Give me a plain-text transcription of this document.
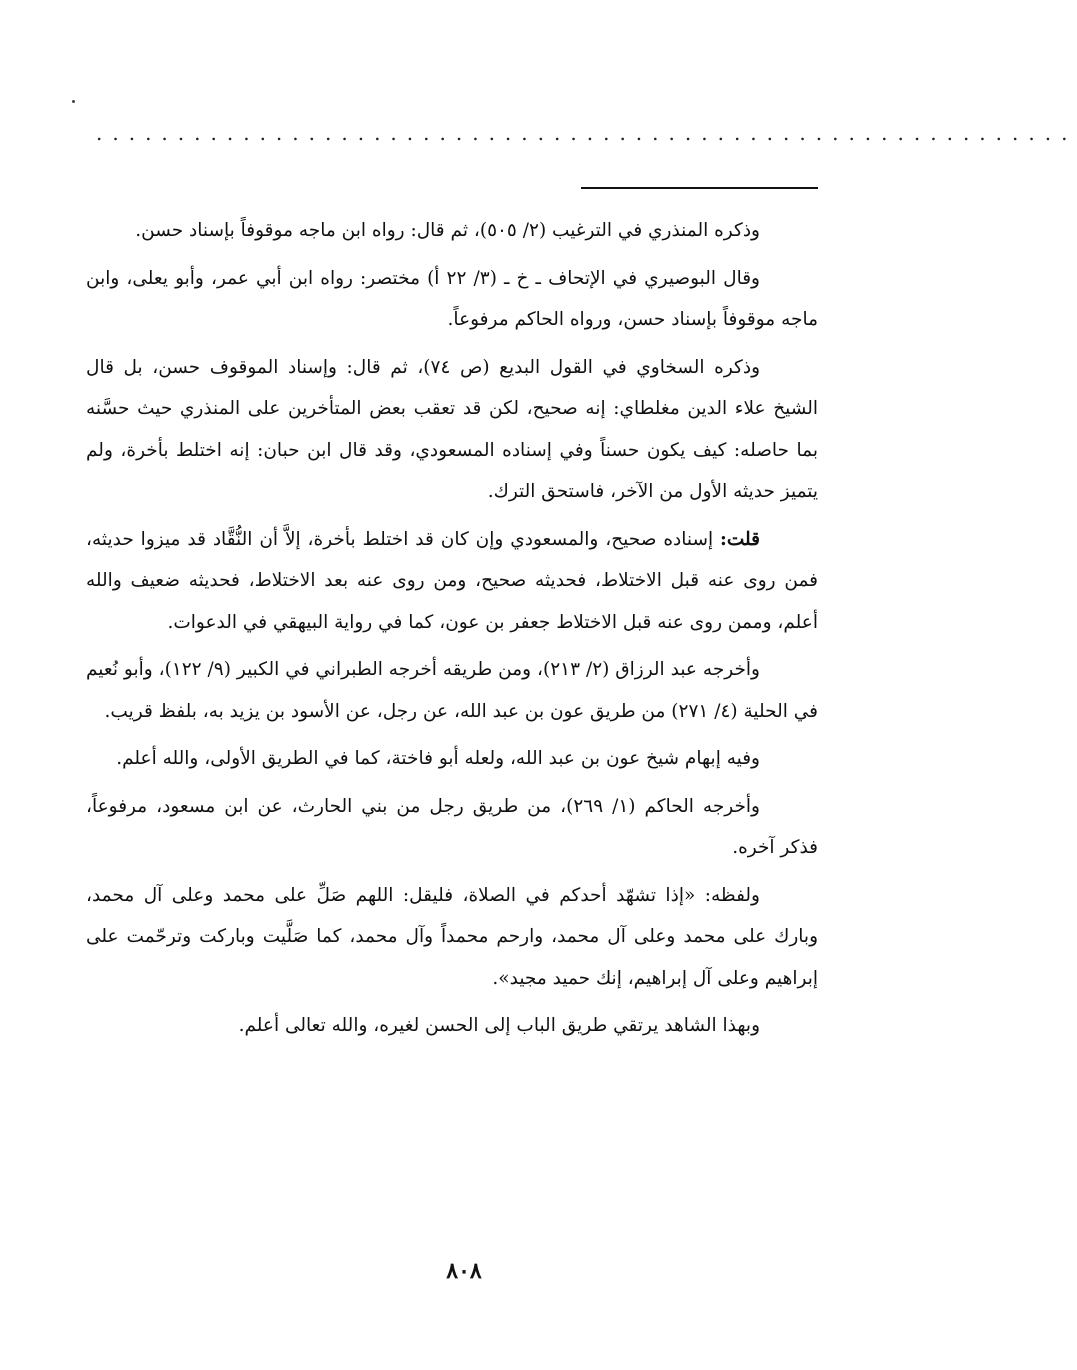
............................................................

وذكره المنذري في الترغيب (٢/ ٥٠٥)، ثم قال: رواه ابن ماجه موقوفاً بإسناد حسن.

وقال البوصيري في الإتحاف ـ خ ـ (٣/ ٢٢ أ) مختصر: رواه ابن أبي عمر، وأبو يعلى، وابن ماجه موقوفاً بإسناد حسن، ورواه الحاكم مرفوعاً.

وذكره السخاوي في القول البديع (ص ٧٤)، ثم قال: وإسناد الموقوف حسن، بل قال الشيخ علاء الدين مغلطاي: إنه صحيح، لكن قد تعقب بعض المتأخرين على المنذري حيث حسَّنه بما حاصله: كيف يكون حسناً وفي إسناده المسعودي، وقد قال ابن حبان: إنه اختلط بأخرة، ولم يتميز حديثه الأول من الآخر، فاستحق الترك.

قلت: إسناده صحيح، والمسعودي وإن كان قد اختلط بأخرة، إلاَّ أن النُّقَّاد قد ميزوا حديثه، فمن روى عنه قبل الاختلاط، فحديثه صحيح، ومن روى عنه بعد الاختلاط، فحديثه ضعيف والله أعلم، وممن روى عنه قبل الاختلاط جعفر بن عون، كما في رواية البيهقي في الدعوات.

وأخرجه عبد الرزاق (٢/ ٢١٣)، ومن طريقه أخرجه الطبراني في الكبير (٩/ ١٢٢)، وأبو نُعيم في الحلية (٤/ ٢٧١) من طريق عون بن عبد الله، عن رجل، عن الأسود بن يزيد به، بلفظ قريب.

وفيه إبهام شيخ عون بن عبد الله، ولعله أبو فاختة، كما في الطريق الأولى، والله أعلم.

وأخرجه الحاكم (١/ ٢٦٩)، من طريق رجل من بني الحارث، عن ابن مسعود، مرفوعاً، فذكر آخره.

ولفظه: «إذا تشهّد أحدكم في الصلاة، فليقل: اللهم صَلِّ على محمد وعلى آل محمد، وبارك على محمد وعلى آل محمد، وارحم محمداً وآل محمد، كما صَلَّيت وباركت وترحّمت على إبراهيم وعلى آل إبراهيم، إنك حميد مجيد».

وبهذا الشاهد يرتقي طريق الباب إلى الحسن لغيره، والله تعالى أعلم.

٨٠٨
